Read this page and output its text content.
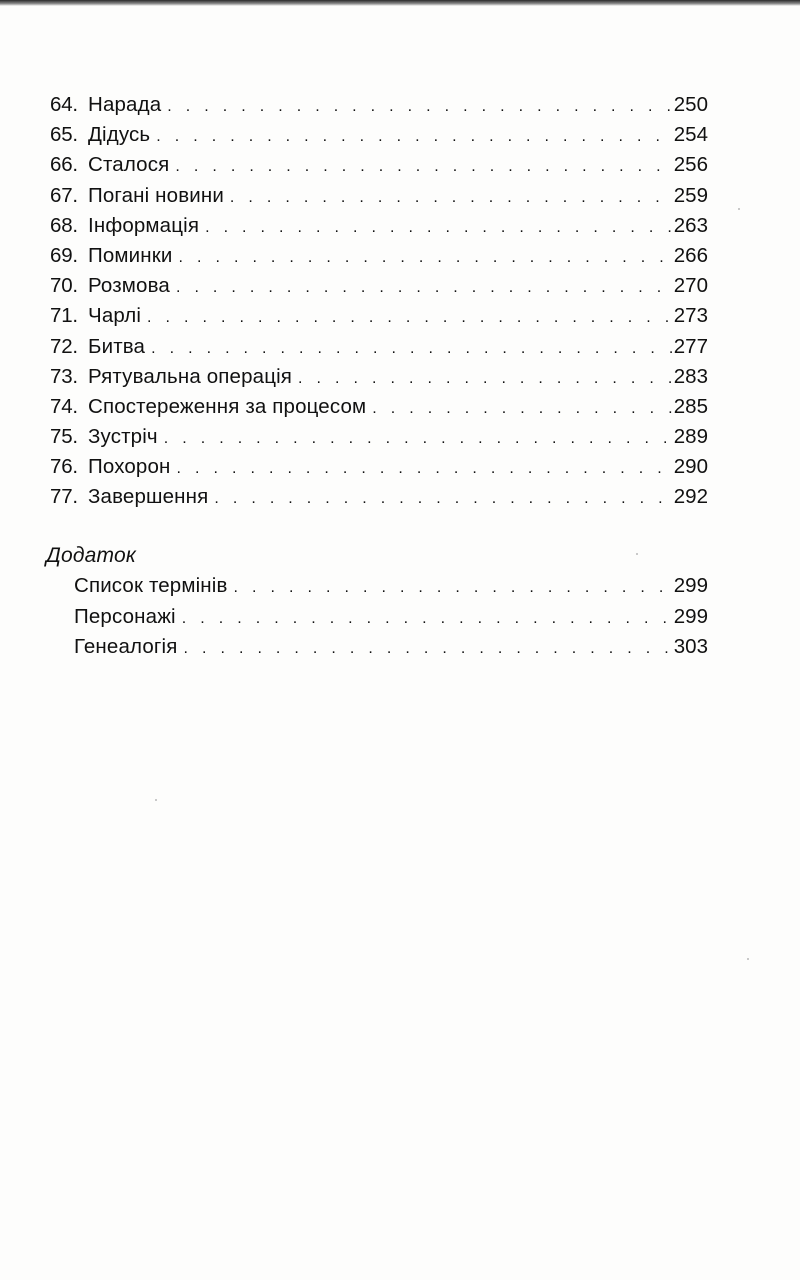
64. Нарада . . .	250
65. Дідусь . . .	254
66. Сталося . . .	256
67. Погані новини . . .	259
68. Інформація . . .	263
69. Поминки . . .	266
70. Розмова . . .	270
71. Чарлі . . .	273
72. Битва . . .	277
73. Рятувальна операція . . .	283
74. Спостереження за процесом . . .	285
75. Зустріч . . .	289
76. Похорон . . .	290
77. Завершення . . .	292
Додаток
Список термінів . . .	299
Персонажі . . .	299
Генеалогія . . .	303
